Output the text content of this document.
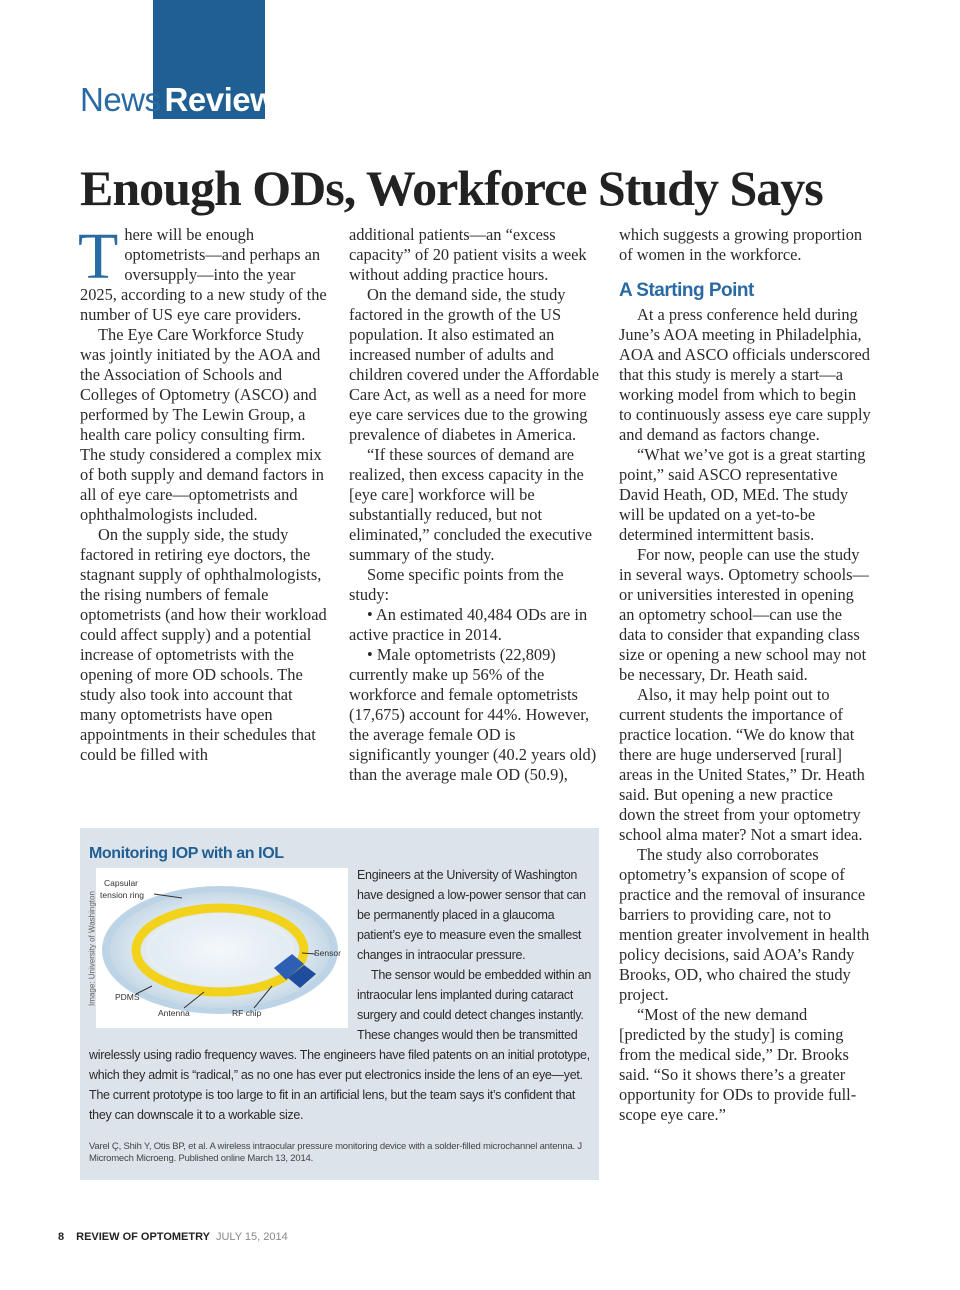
News Review
Enough ODs, Workforce Study Says

There will be enough optometrists—and perhaps an oversupply—into the year 2025, according to a new study of the number of US eye care providers.

The Eye Care Workforce Study was jointly initiated by the AOA and the Association of Schools and Colleges of Optometry (ASCO) and performed by The Lewin Group, a health care policy consulting firm. The study considered a complex mix of both supply and demand factors in all of eye care—optometrists and ophthalmologists included.

On the supply side, the study factored in retiring eye doctors, the stagnant supply of ophthalmologists, the rising numbers of female optometrists (and how their workload could affect supply) and a potential increase of optometrists with the opening of more OD schools. The study also took into account that many optometrists have open appointments in their schedules that could be filled with

additional patients—an “excess capacity” of 20 patient visits a week without adding practice hours.

On the demand side, the study factored in the growth of the US population. It also estimated an increased number of adults and children covered under the Affordable Care Act, as well as a need for more eye care services due to the growing prevalence of diabetes in America.

“If these sources of demand are realized, then excess capacity in the [eye care] workforce will be substantially reduced, but not eliminated,” concluded the executive summary of the study.

Some specific points from the study:

• An estimated 40,484 ODs are in active practice in 2014.

• Male optometrists (22,809) currently make up 56% of the workforce and female optometrists (17,675) account for 44%. However, the average female OD is significantly younger (40.2 years old) than the average male OD (50.9),

which suggests a growing proportion of women in the workforce.

A Starting Point

At a press conference held during June’s AOA meeting in Philadelphia, AOA and ASCO officials underscored that this study is merely a start—a working model from which to begin to continuously assess eye care supply and demand as factors change.

“What we’ve got is a great starting point,” said ASCO representative David Heath, OD, MEd. The study will be updated on a yet-to-be determined intermittent basis.

For now, people can use the study in several ways. Optometry schools—or universities interested in opening an optometry school—can use the data to consider that expanding class size or opening a new school may not be necessary, Dr. Heath said.

Also, it may help point out to current students the importance of practice location. “We do know that there are huge underserved [rural] areas in the United States,” Dr. Heath said. But opening a new practice down the street from your optometry school alma mater? Not a smart idea.

The study also corroborates optometry’s expansion of scope of practice and the removal of insurance barriers to providing care, not to mention greater involvement in health policy decisions, said AOA’s Randy Brooks, OD, who chaired the study project.

“Most of the new demand [predicted by the study] is coming from the medical side,” Dr. Brooks said. “So it shows there’s a greater opportunity for ODs to provide full-scope eye care.”

Monitoring IOP with an IOL
Image: University of Washington
Capsular
tension ring
Sensor
PDMS
Antenna	RF chip

Engineers at the University of Washington have designed a low-power sensor that can be permanently placed in a glaucoma patient’s eye to measure even the smallest changes in intraocular pressure.

The sensor would be embedded within an intraocular lens implanted during cataract surgery and could detect changes instantly. These changes would then be transmitted wirelessly using radio frequency waves. The engineers have filed patents on an initial prototype, which they admit is “radical,” as no one has ever put electronics inside the lens of an eye—yet. The current prototype is too large to fit in an artificial lens, but the team says it’s confident that they can downscale it to a workable size.

Varel Ç, Shih Y, Otis BP, et al. A wireless intraocular pressure monitoring device with a solder-filled microchannel antenna. J Micromech Microeng. Published online March 13, 2014.
8 REVIEW OF OPTOMETRY JULY 15, 2014
